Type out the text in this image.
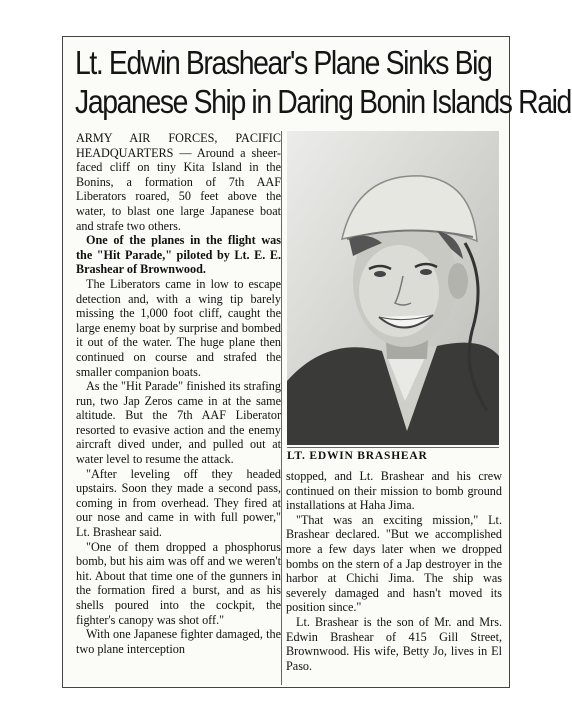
Lt. Edwin Brashear's Plane Sinks Big
Japanese Ship in Daring Bonin Islands Raid

ARMY AIR FORCES, PACIFIC HEADQUARTERS — Around a sheer-faced cliff on tiny Kita Island in the Bonins, a formation of 7th AAF Liberators roared, 50 feet above the water, to blast one large Japanese boat and strafe two others.

One of the planes in the flight was the "Hit Parade," piloted by Lt. E. E. Brashear of Brownwood.

The Liberators came in low to escape detection and, with a wing tip barely missing the 1,000 foot cliff, caught the large enemy boat by surprise and bombed it out of the water. The huge plane then continued on course and strafed the smaller companion boats.

As the "Hit Parade" finished its strafing run, two Jap Zeros came in at the same altitude. But the 7th AAF Liberator resorted to evasive action and the enemy aircraft dived under, and pulled out at water level to resume the attack.

"After leveling off they headed upstairs. Soon they made a second pass, coming in from overhead. They fired at our nose and came in with full power," Lt. Brashear said.

"One of them dropped a phosphorus bomb, but his aim was off and we weren't hit. About that time one of the gunners in the formation fired a burst, and as his shells poured into the cockpit, the fighter's canopy was shot off."

With one Japanese fighter damaged, the two plane interception

LT. EDWIN BRASHEAR

stopped, and Lt. Brashear and his crew continued on their mission to bomb ground installations at Haha Jima.

"That was an exciting mission," Lt. Brashear declared. "But we accomplished more a few days later when we dropped bombs on the stern of a Jap destroyer in the harbor at Chichi Jima. The ship was severely damaged and hasn't moved its position since."

Lt. Brashear is the son of Mr. and Mrs. Edwin Brashear of 415 Gill Street, Brownwood. His wife, Betty Jo, lives in El Paso.
